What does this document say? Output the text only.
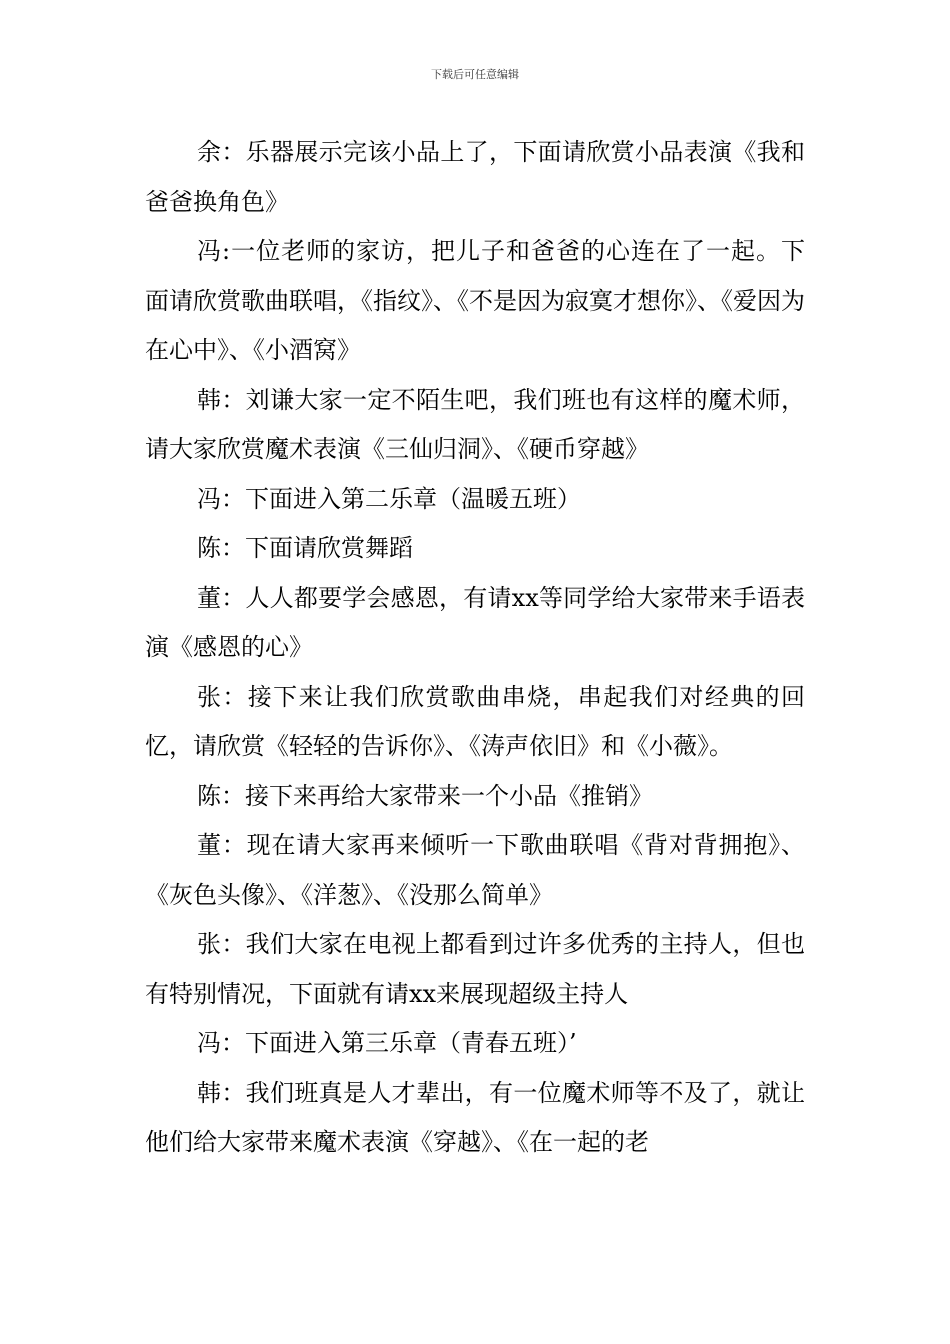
下载后可任意编辑

余：乐器展示完该小品上了，下面请欣赏小品表演《我和爸爸换角色》

冯:一位老师的家访，把儿子和爸爸的心连在了一起。下面请欣赏歌曲联唱，《指纹》、《不是因为寂寞才想你》、《爱因为在心中》、《小酒窝》

韩：刘谦大家一定不陌生吧，我们班也有这样的魔术师，请大家欣赏魔术表演《三仙归洞》、《硬币穿越》

冯：下面进入第二乐章（温暖五班）

陈：下面请欣赏舞蹈

董：人人都要学会感恩，有请xx等同学给大家带来手语表演《感恩的心》

张：接下来让我们欣赏歌曲串烧，串起我们对经典的回忆，请欣赏《轻轻的告诉你》、《涛声依旧》和《小薇》。

陈：接下来再给大家带来一个小品《推销》

董：现在请大家再来倾听一下歌曲联唱《背对背拥抱》、《灰色头像》、《洋葱》、《没那么简单》

张：我们大家在电视上都看到过许多优秀的主持人，但也有特别情况，下面就有请xx来展现超级主持人

冯：下面进入第三乐章（青春五班）’

韩：我们班真是人才辈出，有一位魔术师等不及了，就让他们给大家带来魔术表演《穿越》、《在一起的老
